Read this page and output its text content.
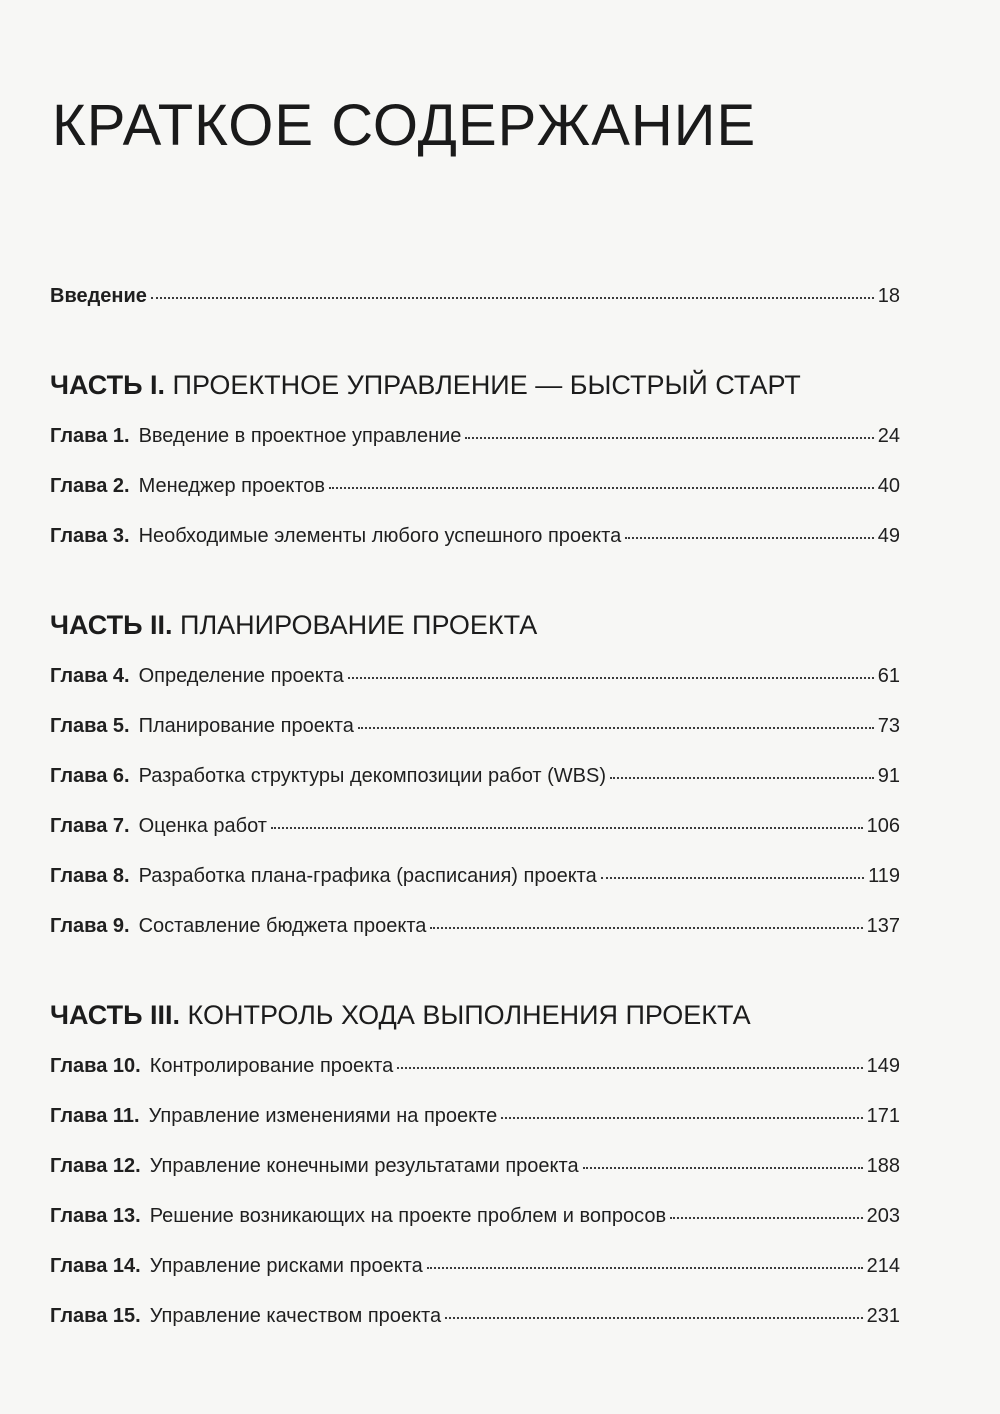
КРАТКОЕ СОДЕРЖАНИЕ
Введение	18
ЧАСТЬ I. ПРОЕКТНОЕ УПРАВЛЕНИЕ — БЫСТРЫЙ СТАРТ
Глава 1. Введение в проектное управление	24
Глава 2. Менеджер проектов	40
Глава 3. Необходимые элементы любого успешного проекта	49
ЧАСТЬ II. ПЛАНИРОВАНИЕ ПРОЕКТА
Глава 4. Определение проекта	61
Глава 5. Планирование проекта	73
Глава 6. Разработка структуры декомпозиции работ (WBS)	91
Глава 7. Оценка работ	106
Глава 8. Разработка плана-графика (расписания) проекта	119
Глава 9. Составление бюджета проекта	137
ЧАСТЬ III. КОНТРОЛЬ ХОДА ВЫПОЛНЕНИЯ ПРОЕКТА
Глава 10. Контролирование проекта	149
Глава 11. Управление изменениями на проекте	171
Глава 12. Управление конечными результатами проекта	188
Глава 13. Решение возникающих на проекте проблем и вопросов	203
Глава 14. Управление рисками проекта	214
Глава 15. Управление качеством проекта	231
